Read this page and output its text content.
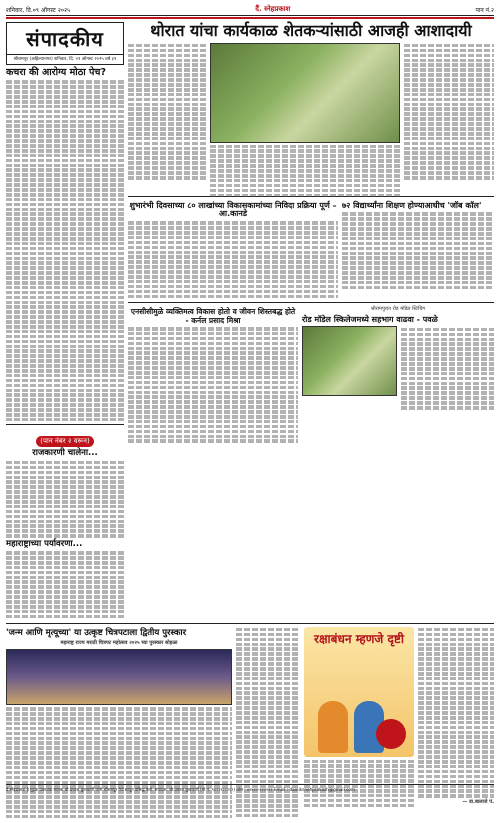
शनिवार, दि.०९ ऑगस्ट २०२५	दैं. स्नेहप्रकाश	पान नं.२
संपादकीय
श्रीरामपूर (अहिल्यानगर) शनिवार, दि. ०९ ऑगस्ट २०२५ वर्ष ३९
कचरा की आरोग्य मोठा पेच?
(पान नंबर २ वरून)
राजकारणी चालेना...
महाराष्ट्राच्या पर्यावरणा...
थोरात यांचा कार्यकाळ शेतकऱ्यांसाठी आजही आशादायी
शुभारंभी दिवसाच्या ८० लाखांच्या विकासकामांच्या निविदा प्रक्रिया पूर्ण – आ.कानडे
७२ विद्यार्थ्यांना शिक्षण होण्याआधीच 'जॉब कॉल'
एनसीसीमुळे व्यक्तिमत्व विकास होतो व जीवन शिस्तबद्ध होते - कर्नल प्रसाद मिश्रा
श्रीरामपुरात रोड मॉडेल स्टिचिंग
रोड मॉडेल स्किलेजमध्ये सहभाग वाढवा - पवळे
'जन्म आणि मृत्यूच्या' या उत्कृष्ट चित्रपटाला द्वितीय पुरस्कार
महाराष्ट्र राज्य मराठी चित्रपट महोत्सव २०२५ च्या पुरस्कार सोहळा	रक्षाबंधन म्हणजे दृष्टी
— डा.बालाजे पं.
दै.स्नेहप्रकाश हे मुद्रक प्रकाशक मालक श्री.प्रकाश कुलकर्णी यांनी श्रीरामपूर येथे छापून प्रसिद्ध केले. संपादक: श्री.प्रकाश कुलकर्णी (मो.नं. ९४२२२२२२२२) फोन : ०२४२२-२२२२२२ Email : dainiksnehprakash@gmail.com
